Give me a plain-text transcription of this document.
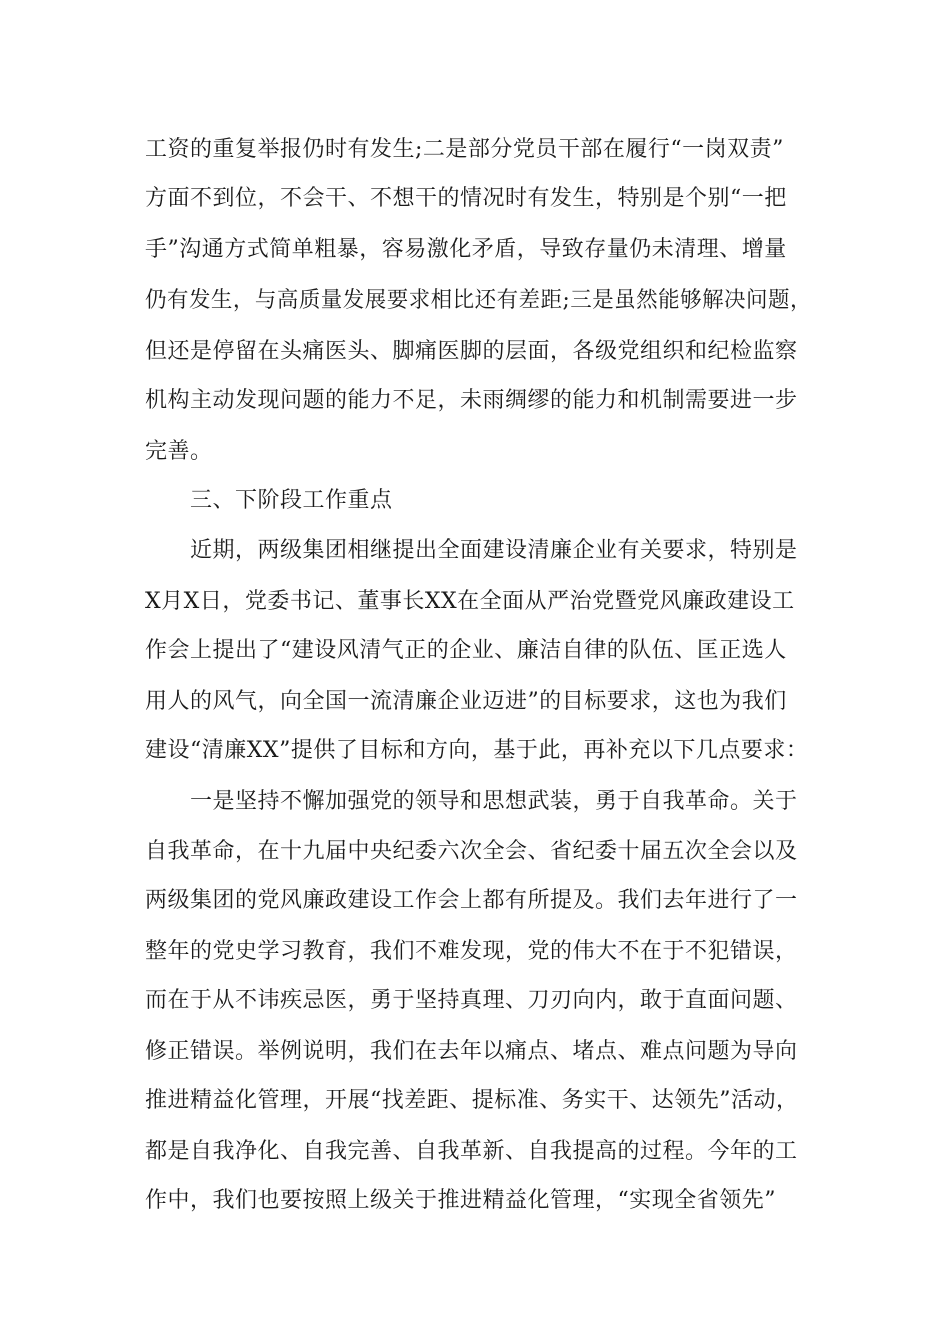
工资的重复举报仍时有发生;二是部分党员干部在履行“一岗双责”

方面不到位，不会干、不想干的情况时有发生，特别是个别“一把

手”沟通方式简单粗暴，容易激化矛盾，导致存量仍未清理、增量

仍有发生，与高质量发展要求相比还有差距;三是虽然能够解决问题，

但还是停留在头痛医头、脚痛医脚的层面，各级党组织和纪检监察

机构主动发现问题的能力不足，未雨绸缪的能力和机制需要进一步

完善。

三、下阶段工作重点

近期，两级集团相继提出全面建设清廉企业有关要求，特别是

X月X日，党委书记、董事长XX在全面从严治党暨党风廉政建设工

作会上提出了“建设风清气正的企业、廉洁自律的队伍、匡正选人

用人的风气，向全国一流清廉企业迈进”的目标要求，这也为我们

建设“清廉XX”提供了目标和方向，基于此，再补充以下几点要求：

一是坚持不懈加强党的领导和思想武装，勇于自我革命。关于

自我革命，在十九届中央纪委六次全会、省纪委十届五次全会以及

两级集团的党风廉政建设工作会上都有所提及。我们去年进行了一

整年的党史学习教育，我们不难发现，党的伟大不在于不犯错误，

而在于从不讳疾忌医，勇于坚持真理、刀刃向内，敢于直面问题、

修正错误。举例说明，我们在去年以痛点、堵点、难点问题为导向

推进精益化管理，开展“找差距、提标准、务实干、达领先”活动，

都是自我净化、自我完善、自我革新、自我提高的过程。今年的工

作中，我们也要按照上级关于推进精益化管理，“实现全省领先”
